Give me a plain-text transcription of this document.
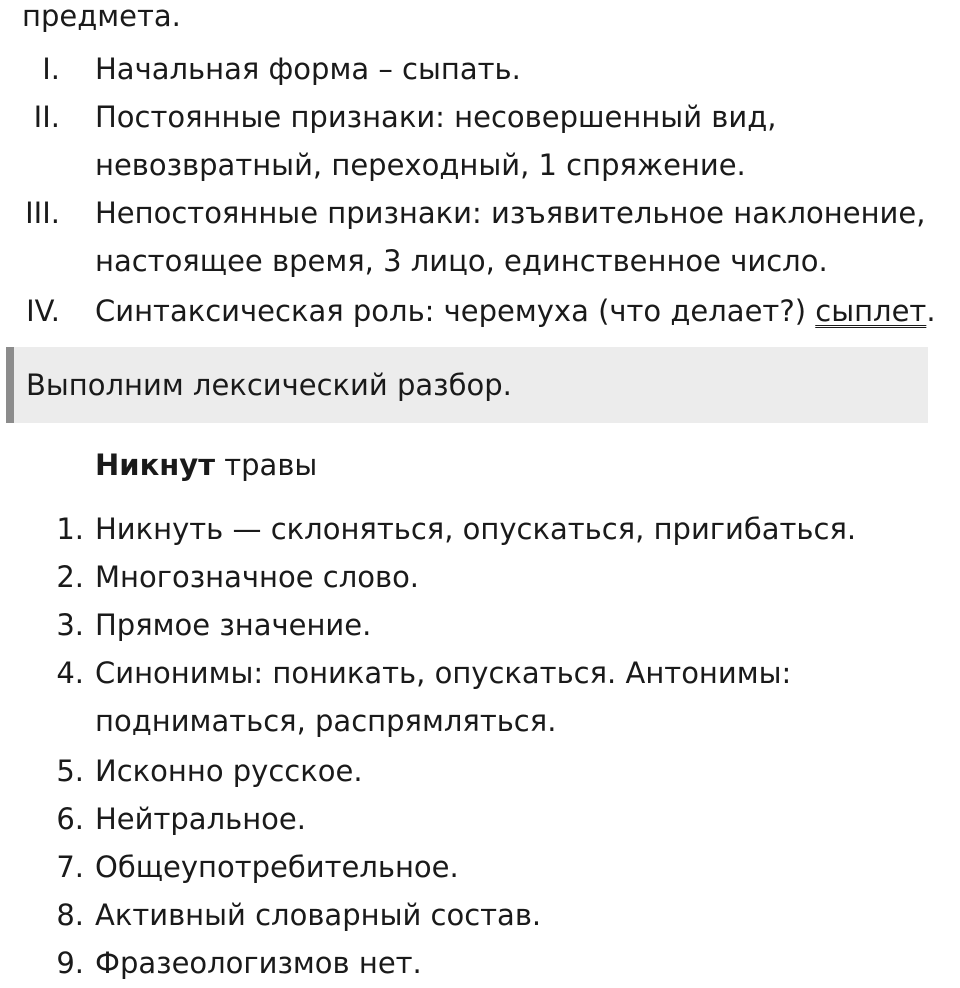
предмета.
I. Начальная форма – сыпать.
II. Постоянные признаки: несовершенный вид,
невозвратный, переходный, 1 спряжение.
III. Непостоянные признаки: изъявительное наклонение,
настоящее время, 3 лицо, единственное число.
IV. Синтаксическая роль: черемуха (что делает?) сыплет.
Выполним лексический разбор.
Никнут травы
1. Никнуть — склоняться, опускаться, пригибаться.
2. Многозначное слово.
3. Прямое значение.
4. Синонимы: поникать, опускаться. Антонимы:
подниматься, распрямляться.
5. Исконно русское.
6. Нейтральное.
7. Общеупотребительное.
8. Активный словарный состав.
9. Фразеологизмов нет.
